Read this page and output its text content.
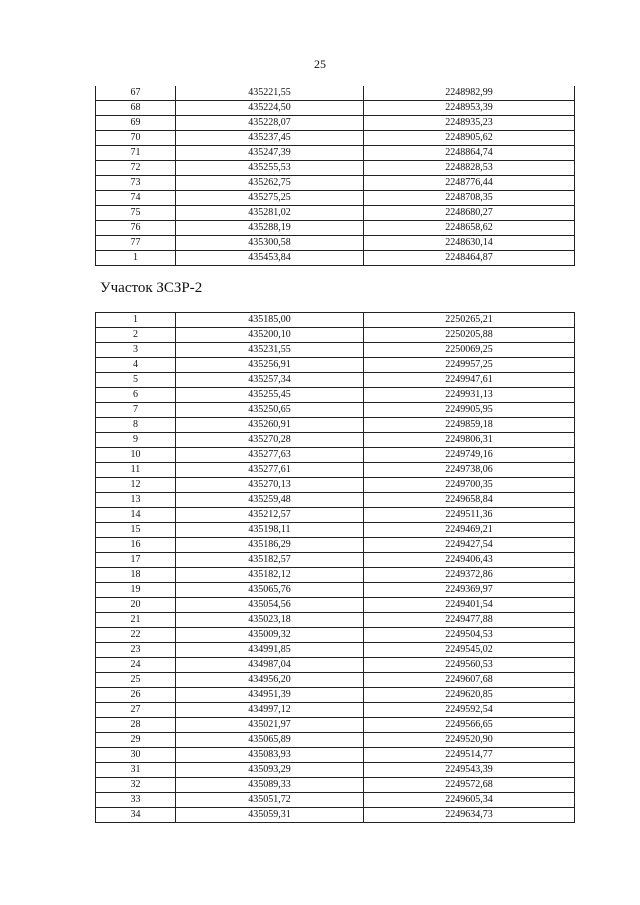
25
67	435221,55	2248982,99
68	435224,50	2248953,39
69	435228,07	2248935,23
70	435237,45	2248905,62
71	435247,39	2248864,74
72	435255,53	2248828,53
73	435262,75	2248776,44
74	435275,25	2248708,35
75	435281,02	2248680,27
76	435288,19	2248658,62
77	435300,58	2248630,14
1	435453,84	2248464,87
Участок ЗСЗР-2
1	435185,00	2250265,21
2	435200,10	2250205,88
3	435231,55	2250069,25
4	435256,91	2249957,25
5	435257,34	2249947,61
6	435255,45	2249931,13
7	435250,65	2249905,95
8	435260,91	2249859,18
9	435270,28	2249806,31
10	435277,63	2249749,16
11	435277,61	2249738,06
12	435270,13	2249700,35
13	435259,48	2249658,84
14	435212,57	2249511,36
15	435198,11	2249469,21
16	435186,29	2249427,54
17	435182,57	2249406,43
18	435182,12	2249372,86
19	435065,76	2249369,97
20	435054,56	2249401,54
21	435023,18	2249477,88
22	435009,32	2249504,53
23	434991,85	2249545,02
24	434987,04	2249560,53
25	434956,20	2249607,68
26	434951,39	2249620,85
27	434997,12	2249592,54
28	435021,97	2249566,65
29	435065,89	2249520,90
30	435083,93	2249514,77
31	435093,29	2249543,39
32	435089,33	2249572,68
33	435051,72	2249605,34
34	435059,31	2249634,73
